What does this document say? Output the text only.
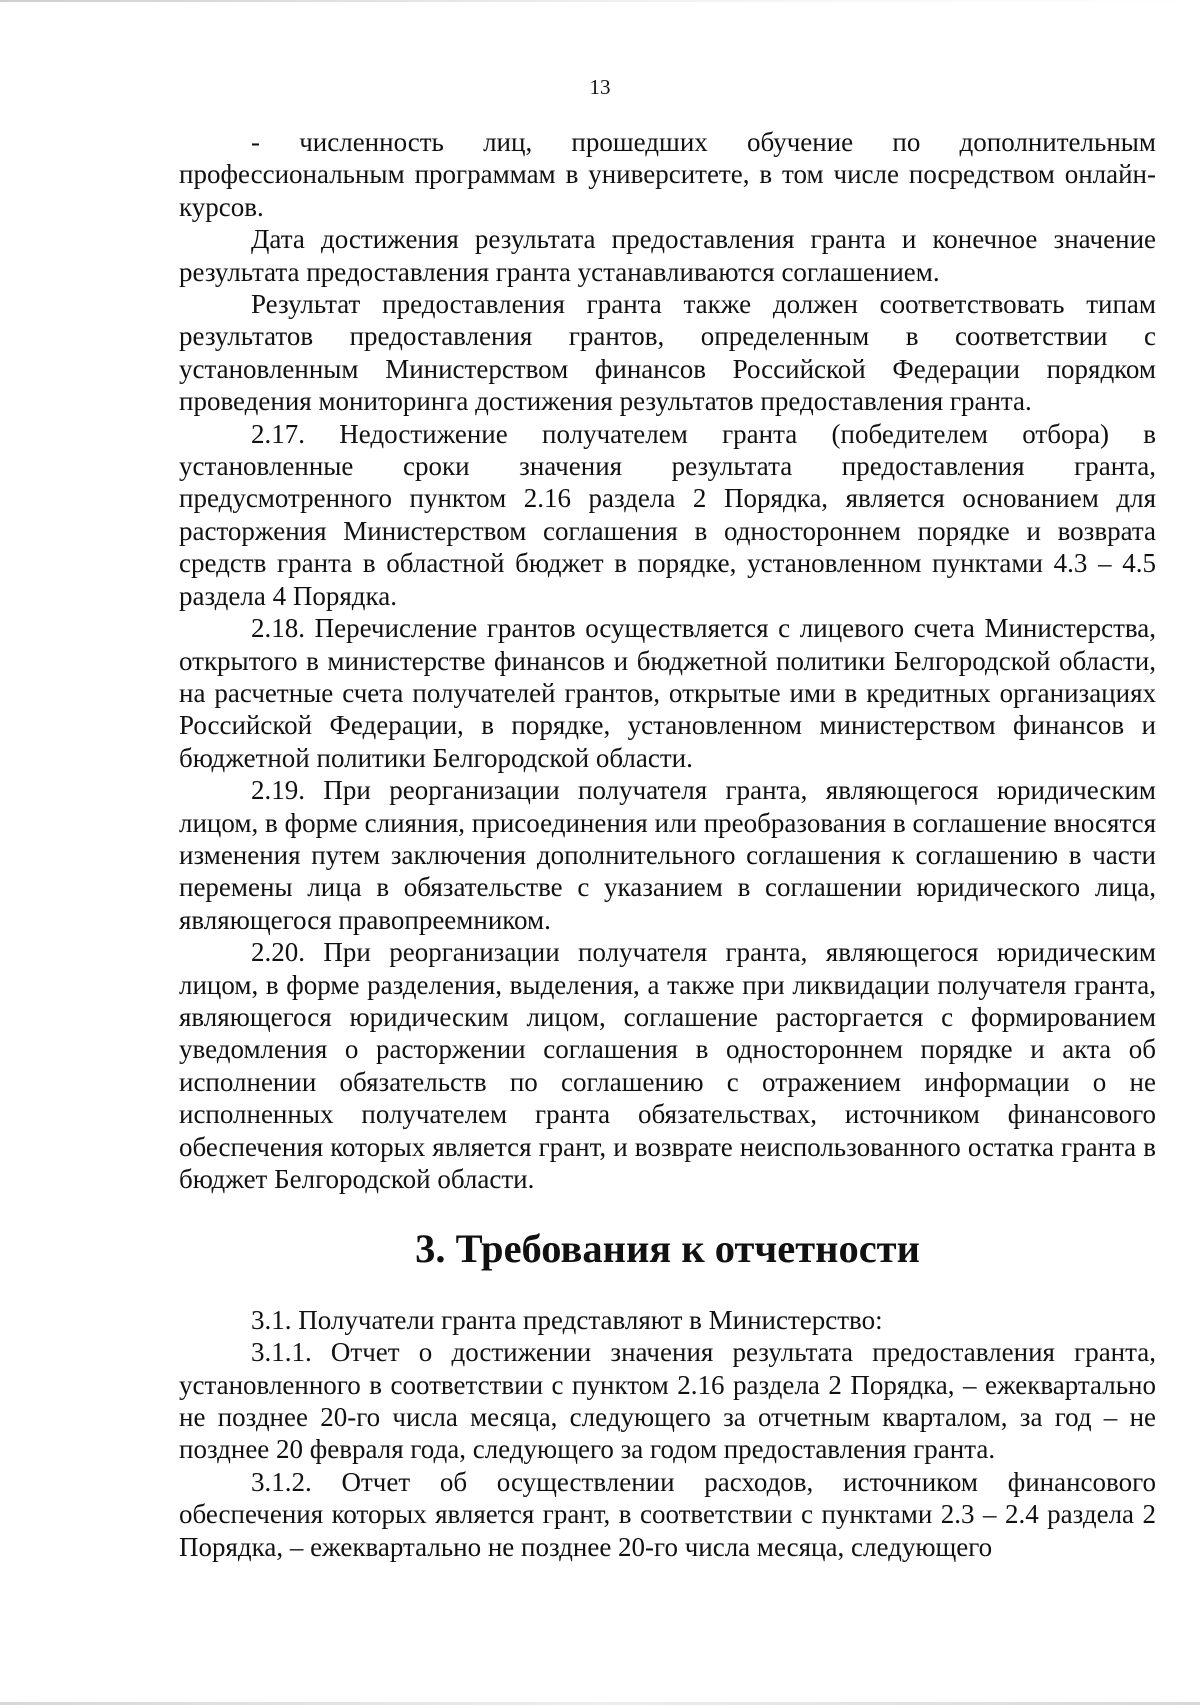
13

- численность лиц, прошедших обучение по дополнительным профессиональным программам в университете, в том числе посредством онлайн-курсов.

Дата достижения результата предоставления гранта и конечное значение результата предоставления гранта устанавливаются соглашением.

Результат предоставления гранта также должен соответствовать типам результатов предоставления грантов, определенным в соответствии с установленным Министерством финансов Российской Федерации порядком проведения мониторинга достижения результатов предоставления гранта.

2.17. Недостижение получателем гранта (победителем отбора) в установленные сроки значения результата предоставления гранта, предусмотренного пунктом 2.16 раздела 2 Порядка, является основанием для расторжения Министерством соглашения в одностороннем порядке и возврата средств гранта в областной бюджет в порядке, установленном пунктами 4.3 – 4.5 раздела 4 Порядка.

2.18. Перечисление грантов осуществляется с лицевого счета Министерства, открытого в министерстве финансов и бюджетной политики Белгородской области, на расчетные счета получателей грантов, открытые ими в кредитных организациях Российской Федерации, в порядке, установленном министерством финансов и бюджетной политики Белгородской области.

2.19. При реорганизации получателя гранта, являющегося юридическим лицом, в форме слияния, присоединения или преобразования в соглашение вносятся изменения путем заключения дополнительного соглашения к соглашению в части перемены лица в обязательстве с указанием в соглашении юридического лица, являющегося правопреемником.

2.20. При реорганизации получателя гранта, являющегося юридическим лицом, в форме разделения, выделения, а также при ликвидации получателя гранта, являющегося юридическим лицом, соглашение расторгается с формированием уведомления о расторжении соглашения в одностороннем порядке и акта об исполнении обязательств по соглашению с отражением информации о не исполненных получателем гранта обязательствах, источником финансового обеспечения которых является грант, и возврате неиспользованного остатка гранта в бюджет Белгородской области.

3. Требования к отчетности

3.1. Получатели гранта представляют в Министерство:

3.1.1. Отчет о достижении значения результата предоставления гранта, установленного в соответствии с пунктом 2.16 раздела 2 Порядка, – ежеквартально не позднее 20-го числа месяца, следующего за отчетным кварталом, за год – не позднее 20 февраля года, следующего за годом предоставления гранта.

3.1.2. Отчет об осуществлении расходов, источником финансового обеспечения которых является грант, в соответствии с пунктами 2.3 – 2.4 раздела 2 Порядка, – ежеквартально не позднее 20-го числа месяца, следующего
